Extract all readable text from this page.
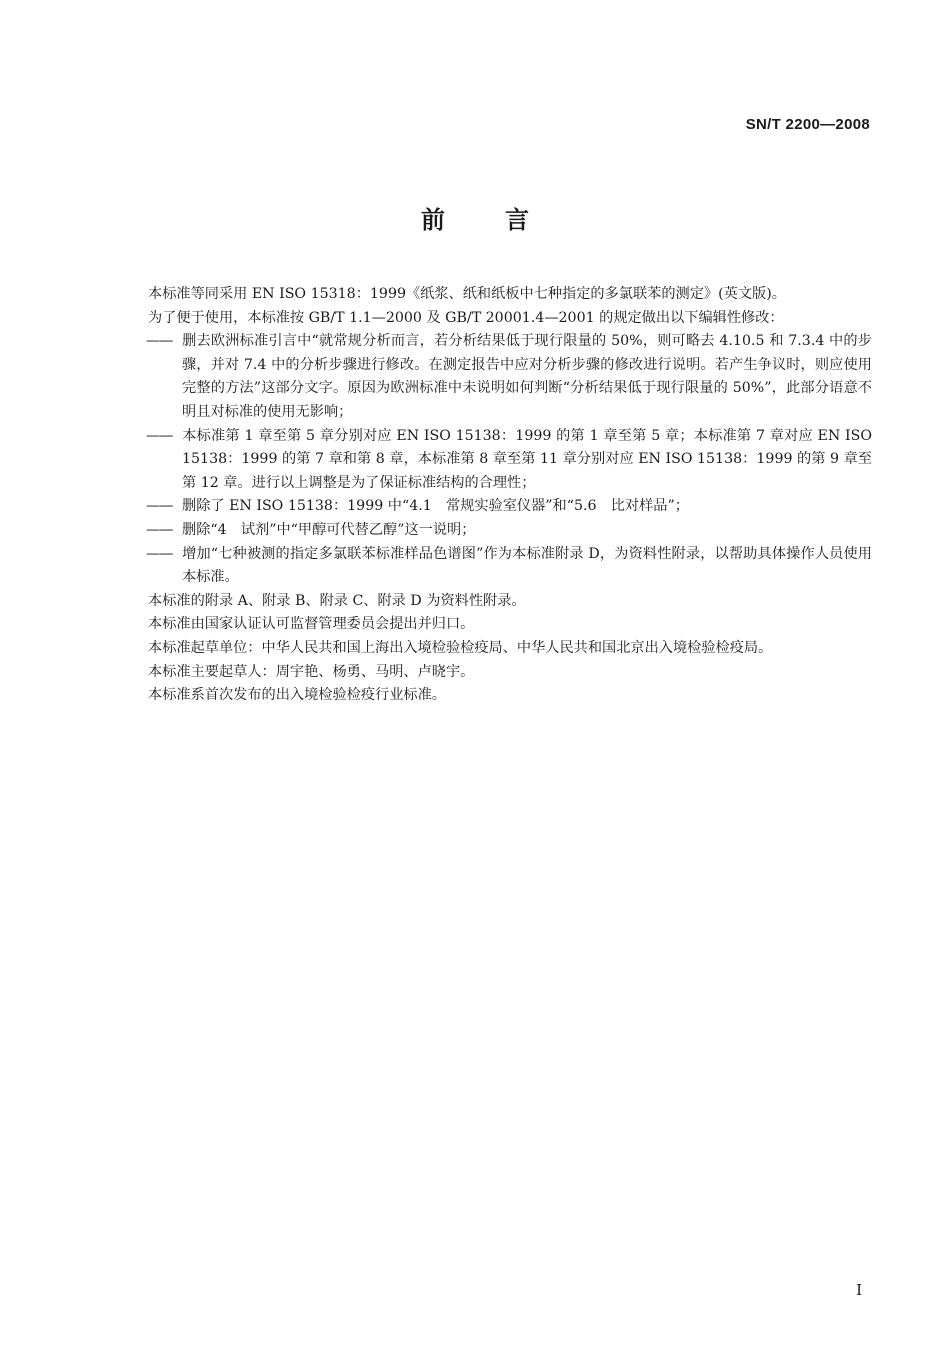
SN/T 2200—2008
前言

本标准等同采用 EN ISO 15318：1999《纸浆、纸和纸板中七种指定的多氯联苯的测定》(英文版)。

为了便于使用，本标准按 GB/T 1.1—2000 及 GB/T 20001.4—2001 的规定做出以下编辑性修改：

—— 删去欧洲标准引言中“就常规分析而言，若分析结果低于现行限量的 50%，则可略去 4.10.5 和 7.3.4 中的步骤，并对 7.4 中的分析步骤进行修改。在测定报告中应对分析步骤的修改进行说明。若产生争议时，则应使用完整的方法”这部分文字。原因为欧洲标准中未说明如何判断“分析结果低于现行限量的 50%”，此部分语意不明且对标准的使用无影响；

—— 本标准第 1 章至第 5 章分别对应 EN ISO 15138：1999 的第 1 章至第 5 章；本标准第 7 章对应 EN ISO 15138：1999 的第 7 章和第 8 章，本标准第 8 章至第 11 章分别对应 EN ISO 15138：1999 的第 9 章至第 12 章。进行以上调整是为了保证标准结构的合理性；

—— 删除了 EN ISO 15138：1999 中“4.1　常规实验室仪器”和“5.6　比对样品”；

—— 删除“4　试剂”中“甲醇可代替乙醇”这一说明；

—— 增加“七种被测的指定多氯联苯标准样品色谱图”作为本标准附录 D，为资料性附录，以帮助具体操作人员使用本标准。

本标准的附录 A、附录 B、附录 C、附录 D 为资料性附录。

本标准由国家认证认可监督管理委员会提出并归口。

本标准起草单位：中华人民共和国上海出入境检验检疫局、中华人民共和国北京出入境检验检疫局。

本标准主要起草人：周宇艳、杨勇、马明、卢晓宇。

本标准系首次发布的出入境检验检疫行业标准。

I
